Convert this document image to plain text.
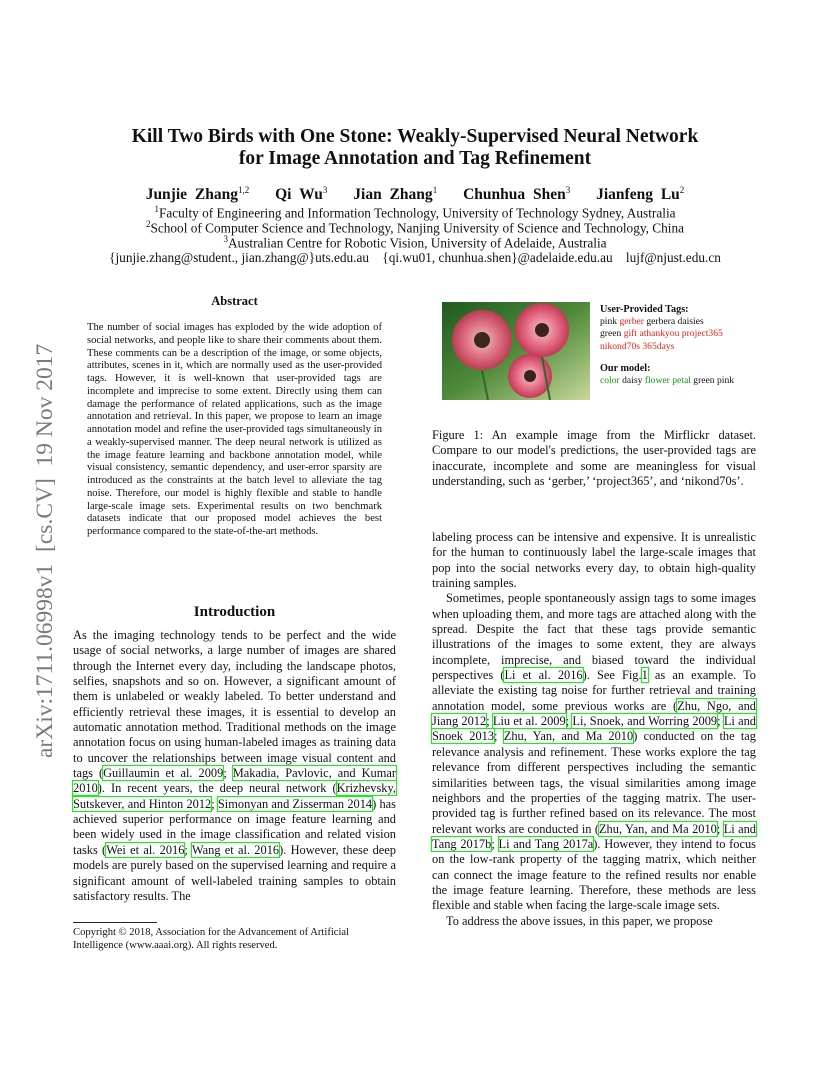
arXiv:1711.06998v1  [cs.CV]  19 Nov 2017
Kill Two Birds with One Stone: Weakly-Supervised Neural Network
for Image Annotation and Tag Refinement
Junjie Zhang$^{1,2}$ Qi Wu$^3$ Jian Zhang$^1$ Chunhua Shen$^3$ Jianfeng Lu$^2$
$^1$Faculty of Engineering and Information Technology, University of Technology Sydney, Australia
$^2$School of Computer Science and Technology, Nanjing University of Science and Technology, China
$^3$Australian Centre for Robotic Vision, University of Adelaide, Australia
{junjie.zhang@student., jian.zhang@}uts.edu.au    {qi.wu01, chunhua.shen}@adelaide.edu.au    lujf@njust.edu.cn
Abstract
The number of social images has exploded by the wide adoption of social networks, and people like to share their comments about them. These comments can be a description of the image, or some objects, attributes, scenes in it, which are normally used as the user-provided tags. However, it is well-known that user-provided tags are incomplete and imprecise to some extent. Directly using them can damage the performance of related applications, such as the image annotation and retrieval. In this paper, we propose to learn an image annotation model and refine the user-provided tags simultaneously in a weakly-supervised manner. The deep neural network is utilized as the image feature learning and backbone annotation model, while visual consistency, semantic dependency, and user-error sparsity are introduced as the constraints at the batch level to alleviate the tag noise. Therefore, our model is highly flexible and stable to handle large-scale image sets. Experimental results on two benchmark datasets indicate that our proposed model achieves the best performance compared to the state-of-the-art methods.
Introduction

As the imaging technology tends to be perfect and the wide usage of social networks, a large number of images are shared through the Internet every day, including the landscape photos, selfies, snapshots and so on. However, a significant amount of them is unlabeled or weakly labeled. To better understand and efficiently retrieval these images, it is essential to develop an automatic annotation method. Traditional methods on the image annotation focus on using human-labeled images as training data to uncover the relationships between image visual content and tags (Guillaumin et al. 2009; Makadia, Pavlovic, and Kumar 2010). In recent years, the deep neural network (Krizhevsky, Sutskever, and Hinton 2012; Simonyan and Zisserman 2014) has achieved superior performance on image feature learning and been widely used in the image classification and related vision tasks (Wei et al. 2016; Wang et al. 2016). However, these deep models are purely based on the supervised learning and require a significant amount of well-labeled training samples to obtain satisfactory results. The

Copyright © 2018, Association for the Advancement of Artificial Intelligence (www.aaai.org). All rights reserved.
User-Provided Tags:
pink gerber gerbera daisies
green gift athankyou project365
nikond70s 365days
Our model:
color daisy flower petal green pink
Figure 1: An example image from the Mirflickr dataset. Compare to our model's predictions, the user-provided tags are inaccurate, incomplete and some are meaningless for visual understanding, such as ‘gerber,’ ‘project365’, and ‘nikond70s’.

labeling process can be intensive and expensive. It is unrealistic for the human to continuously label the large-scale images that pop into the social networks every day, to obtain high-quality training samples.

Sometimes, people spontaneously assign tags to some images when uploading them, and more tags are attached along with the spread. Despite the fact that these tags provide semantic illustrations of the images to some extent, they are always incomplete, imprecise, and biased toward the individual perspectives (Li et al. 2016). See Fig.1 as an example. To alleviate the existing tag noise for further retrieval and training annotation model, some previous works are (Zhu, Ngo, and Jiang 2012; Liu et al. 2009; Li, Snoek, and Worring 2009; Li and Snoek 2013; Zhu, Yan, and Ma 2010) conducted on the tag relevance analysis and refinement. These works explore the tag relevance from different perspectives including the semantic similarities between tags, the visual similarities among image neighbors and the properties of the tagging matrix. The user-provided tag is further refined based on its relevance. The most relevant works are conducted in (Zhu, Yan, and Ma 2010; Li and Tang 2017b; Li and Tang 2017a). However, they intend to focus on the low-rank property of the tagging matrix, which neither can connect the image feature to the refined results nor enable the image feature learning. Therefore, these methods are less flexible and stable when facing the large-scale image sets.

To address the above issues, in this paper, we propose
